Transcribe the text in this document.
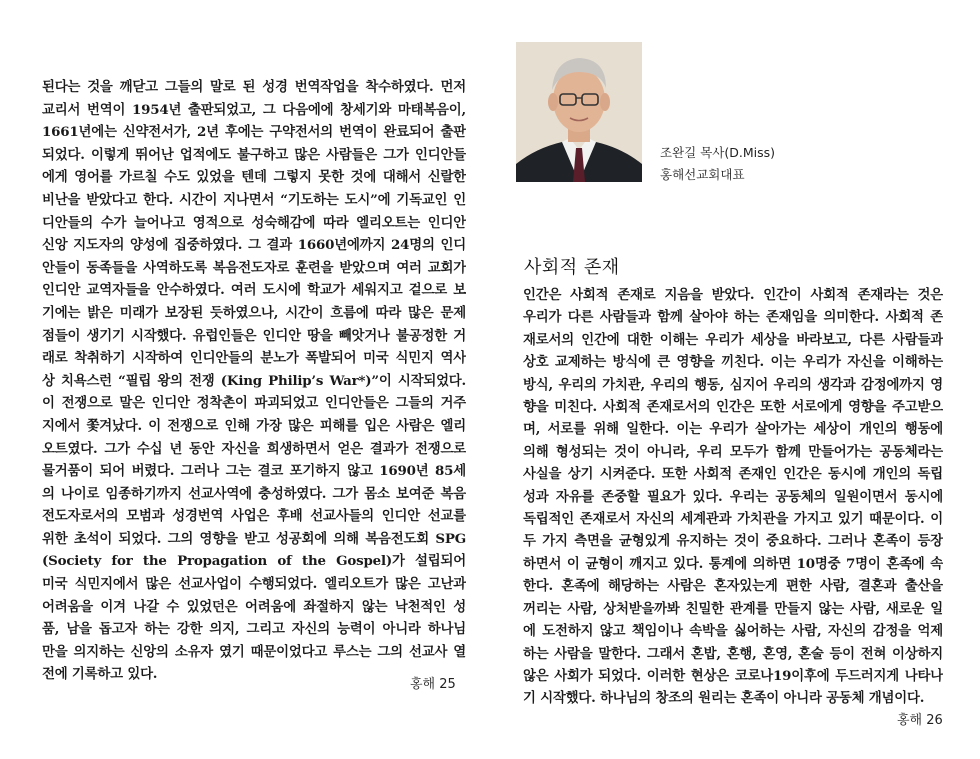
된다는 것을 깨닫고 그들의 말로 된 성경 번역작업을 착수하였다. 먼저
교리서 번역이 1954년 출판되었고, 그 다음에에 창세기와 마태복음이,
1661년에는 신약전서가, 2년 후에는 구약전서의 번역이 완료되어 출판
되었다. 이렇게 뛰어난 업적에도 불구하고 많은 사람들은 그가 인디안들
에게 영어를 가르칠 수도 있었을 텐데 그렇지 못한 것에 대해서 신랄한
비난을 받았다고 한다. 시간이 지나면서 “기도하는 도시”에 기독교인 인
디안들의 수가 늘어나고 영적으로 성숙해감에 따라 엘리오트는 인디안
신앙 지도자의 양성에 집중하였다. 그 결과 1660년에까지 24명의 인디
안들이 동족들을 사역하도록 복음전도자로 훈련을 받았으며 여러 교회가
인디안 교역자들을 안수하였다. 여러 도시에 학교가 세워지고 겉으로 보
기에는 밝은 미래가 보장된 듯하였으나, 시간이 흐름에 따라 많은 문제
점들이 생기기 시작했다. 유럽인들은 인디안 땅을 빼앗거나 불공정한 거
래로 착취하기 시작하여 인디안들의 분노가 폭발되어 미국 식민지 역사
상 치욕스런 “필립 왕의 전쟁 (King Philip’s War*)”이 시작되었다.
이 전쟁으로 말은 인디안 정착촌이 파괴되었고 인디안들은 그들의 거주
지에서 쫓겨났다. 이 전쟁으로 인해 가장 많은 피해를 입은 사람은 엘리
오트였다. 그가 수십 년 동안 자신을 희생하면서 얻은 결과가 전쟁으로
물거품이 되어 버렸다. 그러나 그는 결코 포기하지 않고 1690년 85세
의 나이로 임종하기까지 선교사역에 충성하였다. 그가 몸소 보여준 복음
전도자로서의 모범과 성경번역 사업은 후배 선교사들의 인디안 선교를
위한 초석이 되었다. 그의 영향을 받고 성공회에 의해 복음전도회 SPG
(Society for the Propagation of the Gospel)가 설립되어
미국 식민지에서 많은 선교사업이 수행되었다. 엘리오트가 많은 고난과
어려움을 이겨 나갈 수 있었던은 어려움에 좌절하지 않는 낙천적인 성
품, 남을 돕고자 하는 강한 의지, 그리고 자신의 능력이 아니라 하나님
만을 의지하는 신앙의 소유자 였기 때문이었다고 루스는 그의 선교사 열
전에 기록하고 있다.
홍해 25
조완길 목사(D.Miss)
홍해선교회대표
사회적 존재
인간은 사회적 존재로 지음을 받았다. 인간이 사회적 존재라는 것은
우리가 다른 사람들과 함께 살아야 하는 존재임을 의미한다. 사회적 존
재로서의 인간에 대한 이해는 우리가 세상을 바라보고, 다른 사람들과
상호 교제하는 방식에 큰 영향을 끼친다. 이는 우리가 자신을 이해하는
방식, 우리의 가치관, 우리의 행동, 심지어 우리의 생각과 감정에까지 영
향을 미친다. 사회적 존재로서의 인간은 또한 서로에게 영향을 주고받으
며, 서로를 위해 일한다. 이는 우리가 살아가는 세상이 개인의 행동에
의해 형성되는 것이 아니라, 우리 모두가 함께 만들어가는 공동체라는
사실을 상기 시켜준다. 또한 사회적 존재인 인간은 동시에 개인의 독립
성과 자유를 존중할 필요가 있다. 우리는 공동체의 일원이면서 동시에
독립적인 존재로서 자신의 세계관과 가치관을 가지고 있기 때문이다. 이
두 가지 측면을 균형있게 유지하는 것이 중요하다. 그러나 혼족이 등장
하면서 이 균형이 깨지고 있다. 통계에 의하면 10명중 7명이 혼족에 속
한다. 혼족에 해당하는 사람은 혼자있는게 편한 사람, 결혼과 출산을
꺼리는 사람, 상처받을까봐 친밀한 관계를 만들지 않는 사람, 새로운 일
에 도전하지 않고 책임이나 속박을 싫어하는 사람, 자신의 감정을 억제
하는 사람을 말한다. 그래서 혼밥, 혼행, 혼영, 혼술 등이 전혀 이상하지
않은 사회가 되었다. 이러한 현상은 코로나19이후에 두드러지게 나타나
기 시작했다. 하나님의 창조의 원리는 혼족이 아니라 공동체 개념이다.
홍해 26
